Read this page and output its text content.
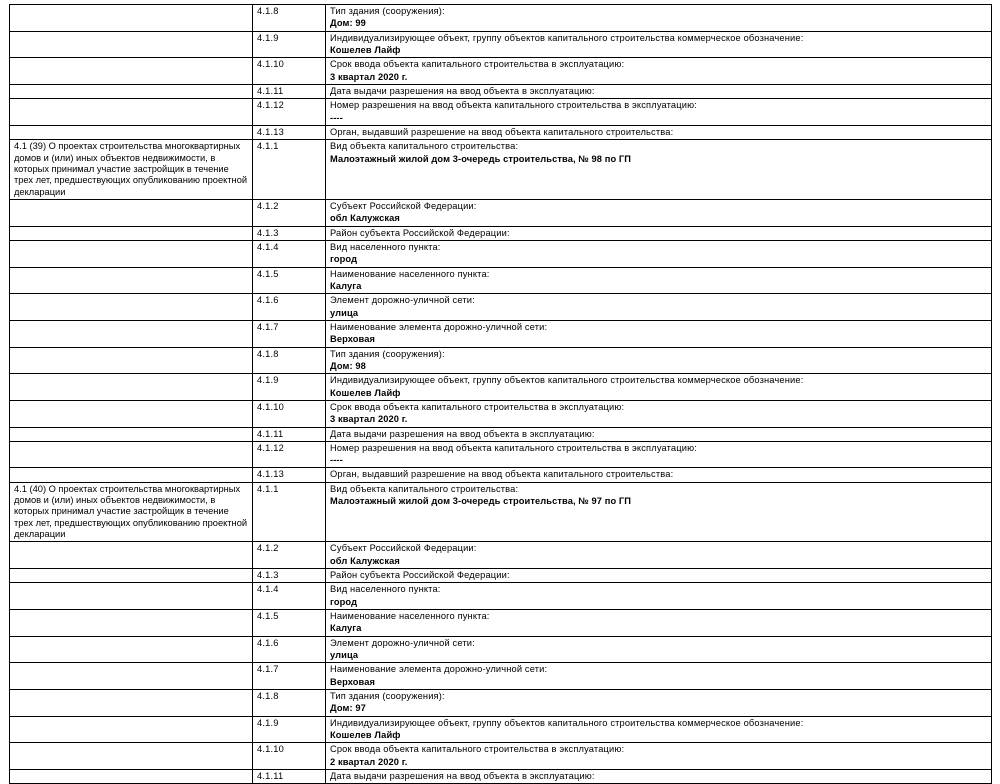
	4.1.8	Тип здания (сооружения):
Дом: 99

	4.1.9	Индивидуализирующее объект, группу объектов капитального строительства коммерческое обозначение:
Кошелев Лайф

	4.1.10	Срок ввода объекта капитального строительства в эксплуатацию:
3 квартал 2020 г.

	4.1.11	Дата выдачи разрешения на ввод объекта в эксплуатацию:

	4.1.12	Номер разрешения на ввод объекта капитального строительства в эксплуатацию:
----

	4.1.13	Орган, выдавший разрешение на ввод объекта капитального строительства:

4.1 (39) О проектах строительства многоквартирных домов и (или) иных объектов недвижимости, в которых принимал участие застройщик в течение трех лет, предшествующих опубликованию проектной декларации	4.1.1	Вид объекта капитального строительства:
Малоэтажный жилой дом 3-очередь строительства, № 98 по ГП

	4.1.2	Субъект Российской Федерации:
обл Калужская

	4.1.3	Район субъекта Российской Федерации:

	4.1.4	Вид населенного пункта:
город

	4.1.5	Наименование населенного пункта:
Калуга

	4.1.6	Элемент дорожно-уличной сети:
улица

	4.1.7	Наименование элемента дорожно-уличной сети:
Верховая

	4.1.8	Тип здания (сооружения):
Дом: 98

	4.1.9	Индивидуализирующее объект, группу объектов капитального строительства коммерческое обозначение:
Кошелев Лайф

	4.1.10	Срок ввода объекта капитального строительства в эксплуатацию:
3 квартал 2020 г.

	4.1.11	Дата выдачи разрешения на ввод объекта в эксплуатацию:

	4.1.12	Номер разрешения на ввод объекта капитального строительства в эксплуатацию:
----

	4.1.13	Орган, выдавший разрешение на ввод объекта капитального строительства:

4.1 (40) О проектах строительства многоквартирных домов и (или) иных объектов недвижимости, в которых принимал участие застройщик в течение трех лет, предшествующих опубликованию проектной декларации	4.1.1	Вид объекта капитального строительства:
Малоэтажный жилой дом 3-очередь строительства, № 97 по ГП

	4.1.2	Субъект Российской Федерации:
обл Калужская

	4.1.3	Район субъекта Российской Федерации:

	4.1.4	Вид населенного пункта:
город

	4.1.5	Наименование населенного пункта:
Калуга

	4.1.6	Элемент дорожно-уличной сети:
улица

	4.1.7	Наименование элемента дорожно-уличной сети:
Верховая

	4.1.8	Тип здания (сооружения):
Дом: 97

	4.1.9	Индивидуализирующее объект, группу объектов капитального строительства коммерческое обозначение:
Кошелев Лайф

	4.1.10	Срок ввода объекта капитального строительства в эксплуатацию:
2 квартал 2020 г.

	4.1.11	Дата выдачи разрешения на ввод объекта в эксплуатацию:
